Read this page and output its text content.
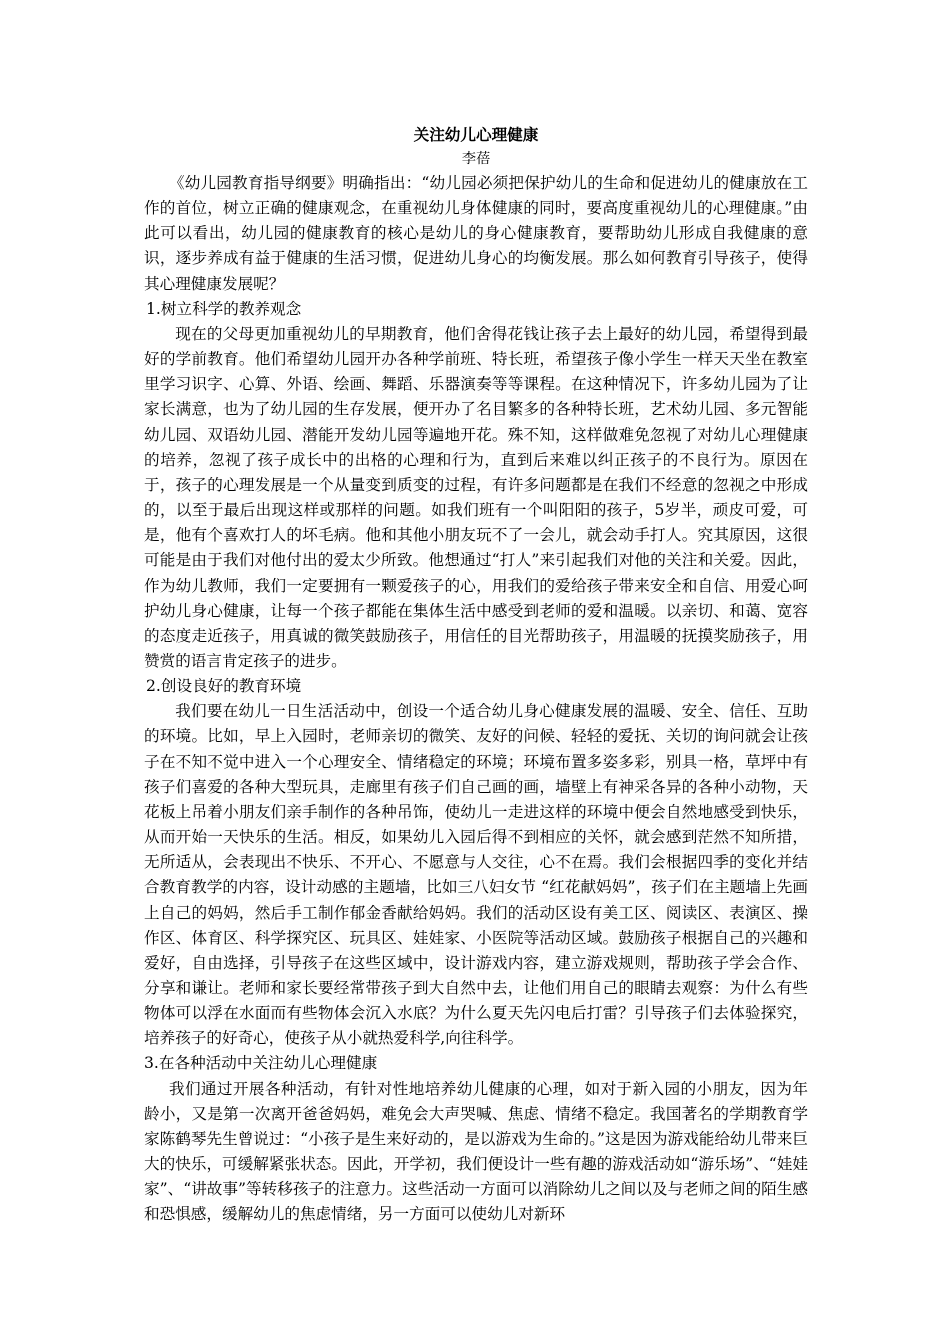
关注幼儿心理健康
李蓓

《幼儿园教育指导纲要》明确指出：“幼儿园必须把保护幼儿的生命和促进幼儿的健康放在工作的首位，树立正确的健康观念，在重视幼儿身体健康的同时，要高度重视幼儿的心理健康。”由此可以看出，幼儿园的健康教育的核心是幼儿的身心健康教育，要帮助幼儿形成自我健康的意识，逐步养成有益于健康的生活习惯，促进幼儿身心的均衡发展。那么如何教育引导孩子，使得其心理健康发展呢？

1.树立科学的教养观念

现在的父母更加重视幼儿的早期教育，他们舍得花钱让孩子去上最好的幼儿园，希望得到最好的学前教育。他们希望幼儿园开办各种学前班、特长班，希望孩子像小学生一样天天坐在教室里学习识字、心算、外语、绘画、舞蹈、乐器演奏等等课程。在这种情况下，许多幼儿园为了让家长满意，也为了幼儿园的生存发展，便开办了名目繁多的各种特长班，艺术幼儿园、多元智能幼儿园、双语幼儿园、潜能开发幼儿园等遍地开花。殊不知，这样做难免忽视了对幼儿心理健康的培养，忽视了孩子成长中的出格的心理和行为，直到后来难以纠正孩子的不良行为。原因在于，孩子的心理发展是一个从量变到质变的过程，有许多问题都是在我们不经意的忽视之中形成的，以至于最后出现这样或那样的问题。如我们班有一个叫阳阳的孩子，5岁半，顽皮可爱，可是，他有个喜欢打人的坏毛病。他和其他小朋友玩不了一会儿，就会动手打人。究其原因，这很可能是由于我们对他付出的爱太少所致。他想通过“打人”来引起我们对他的关注和关爱。因此，作为幼儿教师，我们一定要拥有一颗爱孩子的心，用我们的爱给孩子带来安全和自信、用爱心呵护幼儿身心健康，让每一个孩子都能在集体生活中感受到老师的爱和温暖。以亲切、和蔼、宽容的态度走近孩子，用真诚的微笑鼓励孩子，用信任的目光帮助孩子，用温暖的抚摸奖励孩子，用赞赏的语言肯定孩子的进步。

2.创设良好的教育环境

我们要在幼儿一日生活活动中，创设一个适合幼儿身心健康发展的温暖、安全、信任、互助的环境。比如，早上入园时，老师亲切的微笑、友好的问候、轻轻的爱抚、关切的询问就会让孩子在不知不觉中进入一个心理安全、情绪稳定的环境；环境布置多姿多彩，别具一格，草坪中有孩子们喜爱的各种大型玩具，走廊里有孩子们自己画的画，墙壁上有神采各异的各种小动物，天花板上吊着小朋友们亲手制作的各种吊饰，使幼儿一走进这样的环境中便会自然地感受到快乐，从而开始一天快乐的生活。相反，如果幼儿入园后得不到相应的关怀，就会感到茫然不知所措，无所适从，会表现出不快乐、不开心、不愿意与人交往，心不在焉。我们会根据四季的变化并结合教育教学的内容，设计动感的主题墙，比如三八妇女节 “红花献妈妈”，孩子们在主题墙上先画上自己的妈妈，然后手工制作郁金香献给妈妈。我们的活动区设有美工区、阅读区、表演区、操作区、体育区、科学探究区、玩具区、娃娃家、小医院等活动区域。鼓励孩子根据自己的兴趣和爱好，自由选择，引导孩子在这些区域中，设计游戏内容，建立游戏规则，帮助孩子学会合作、分享和谦让。老师和家长要经常带孩子到大自然中去，让他们用自己的眼睛去观察：为什么有些物体可以浮在水面而有些物体会沉入水底？为什么夏天先闪电后打雷？引导孩子们去体验探究，培养孩子的好奇心，使孩子从小就热爱科学,向往科学。

3.在各种活动中关注幼儿心理健康

我们通过开展各种活动，有针对性地培养幼儿健康的心理，如对于新入园的小朋友，因为年龄小，又是第一次离开爸爸妈妈，难免会大声哭喊、焦虑、情绪不稳定。我国著名的学期教育学家陈鹤琴先生曾说过：“小孩子是生来好动的，是以游戏为生命的。”这是因为游戏能给幼儿带来巨大的快乐，可缓解紧张状态。因此，开学初，我们便设计一些有趣的游戏活动如“游乐场”、“娃娃家”、“讲故事”等转移孩子的注意力。这些活动一方面可以消除幼儿之间以及与老师之间的陌生感和恐惧感，缓解幼儿的焦虑情绪，另一方面可以使幼儿对新环
